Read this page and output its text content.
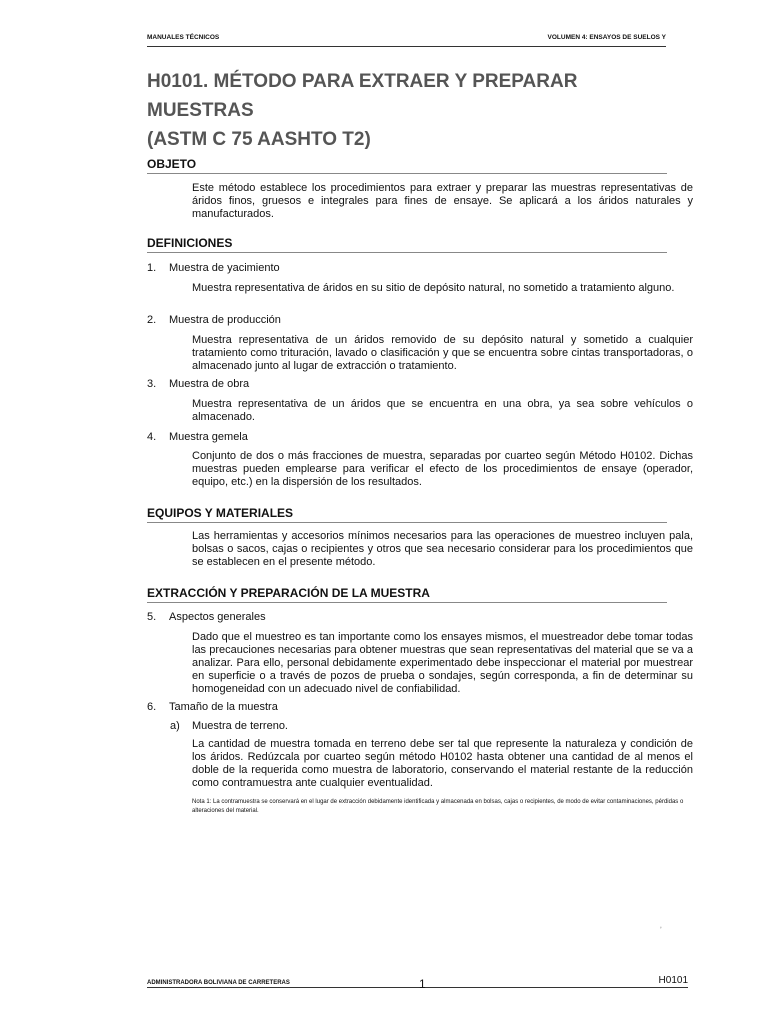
MANUALES TÉCNICOS	VOLUMEN 4: ENSAYOS DE SUELOS Y
H0101. MÉTODO PARA EXTRAER Y PREPARAR MUESTRAS
(ASTM C 75 AASHTO T2)
OBJETO
Este método establece los procedimientos para extraer y preparar las muestras representativas de áridos finos, gruesos e integrales para fines de ensaye. Se aplicará a los áridos naturales y manufacturados.
DEFINICIONES
1. Muestra de yacimiento
Muestra representativa de áridos en su sitio de depósito natural, no sometido a tratamiento alguno.
2. Muestra de producción
Muestra representativa de un áridos removido de su depósito natural y sometido a cualquier tratamiento como trituración, lavado o clasificación y que se encuentra sobre cintas transportadoras, o almacenado junto al lugar de extracción o tratamiento.
3. Muestra de obra
Muestra representativa de un áridos que se encuentra en una obra, ya sea sobre vehículos o almacenado.
4. Muestra gemela
Conjunto de dos o más fracciones de muestra, separadas por cuarteo según Método H0102. Dichas muestras pueden emplearse para verificar el efecto de los procedimientos de ensaye (operador, equipo, etc.) en la dispersión de los resultados.
EQUIPOS Y MATERIALES
Las herramientas y accesorios mínimos necesarios para las operaciones de muestreo incluyen pala, bolsas o sacos, cajas o recipientes y otros que sea necesario considerar para los procedimientos que se establecen en el presente método.
EXTRACCIÓN Y PREPARACIÓN DE LA MUESTRA
5. Aspectos generales
Dado que el muestreo es tan importante como los ensayes mismos, el muestreador debe tomar todas las precauciones necesarias para obtener muestras que sean representativas del material que se va a analizar. Para ello, personal debidamente experimentado debe inspeccionar el material por muestrear en superficie o a través de pozos de prueba o sondajes, según corresponda, a fin de determinar su homogeneidad con un adecuado nivel de confiabilidad.
6. Tamaño de la muestra
a) Muestra de terreno.
La cantidad de muestra tomada en terreno debe ser tal que represente la naturaleza y condición de los áridos. Redúzcala por cuarteo según método H0102 hasta obtener una cantidad de al menos el doble de la requerida como muestra de laboratorio, conservando el material restante de la reducción como contramuestra ante cualquier eventualidad.
Nota 1: La contramuestra se conservará en el lugar de extracción debidamente identificada y almacenada en bolsas, cajas o recipientes, de modo de evitar contaminaciones, pérdidas o alteraciones del material.
ʼ
ADMINISTRADORA BOLIVIANA DE CARRETERAS	1	H0101
